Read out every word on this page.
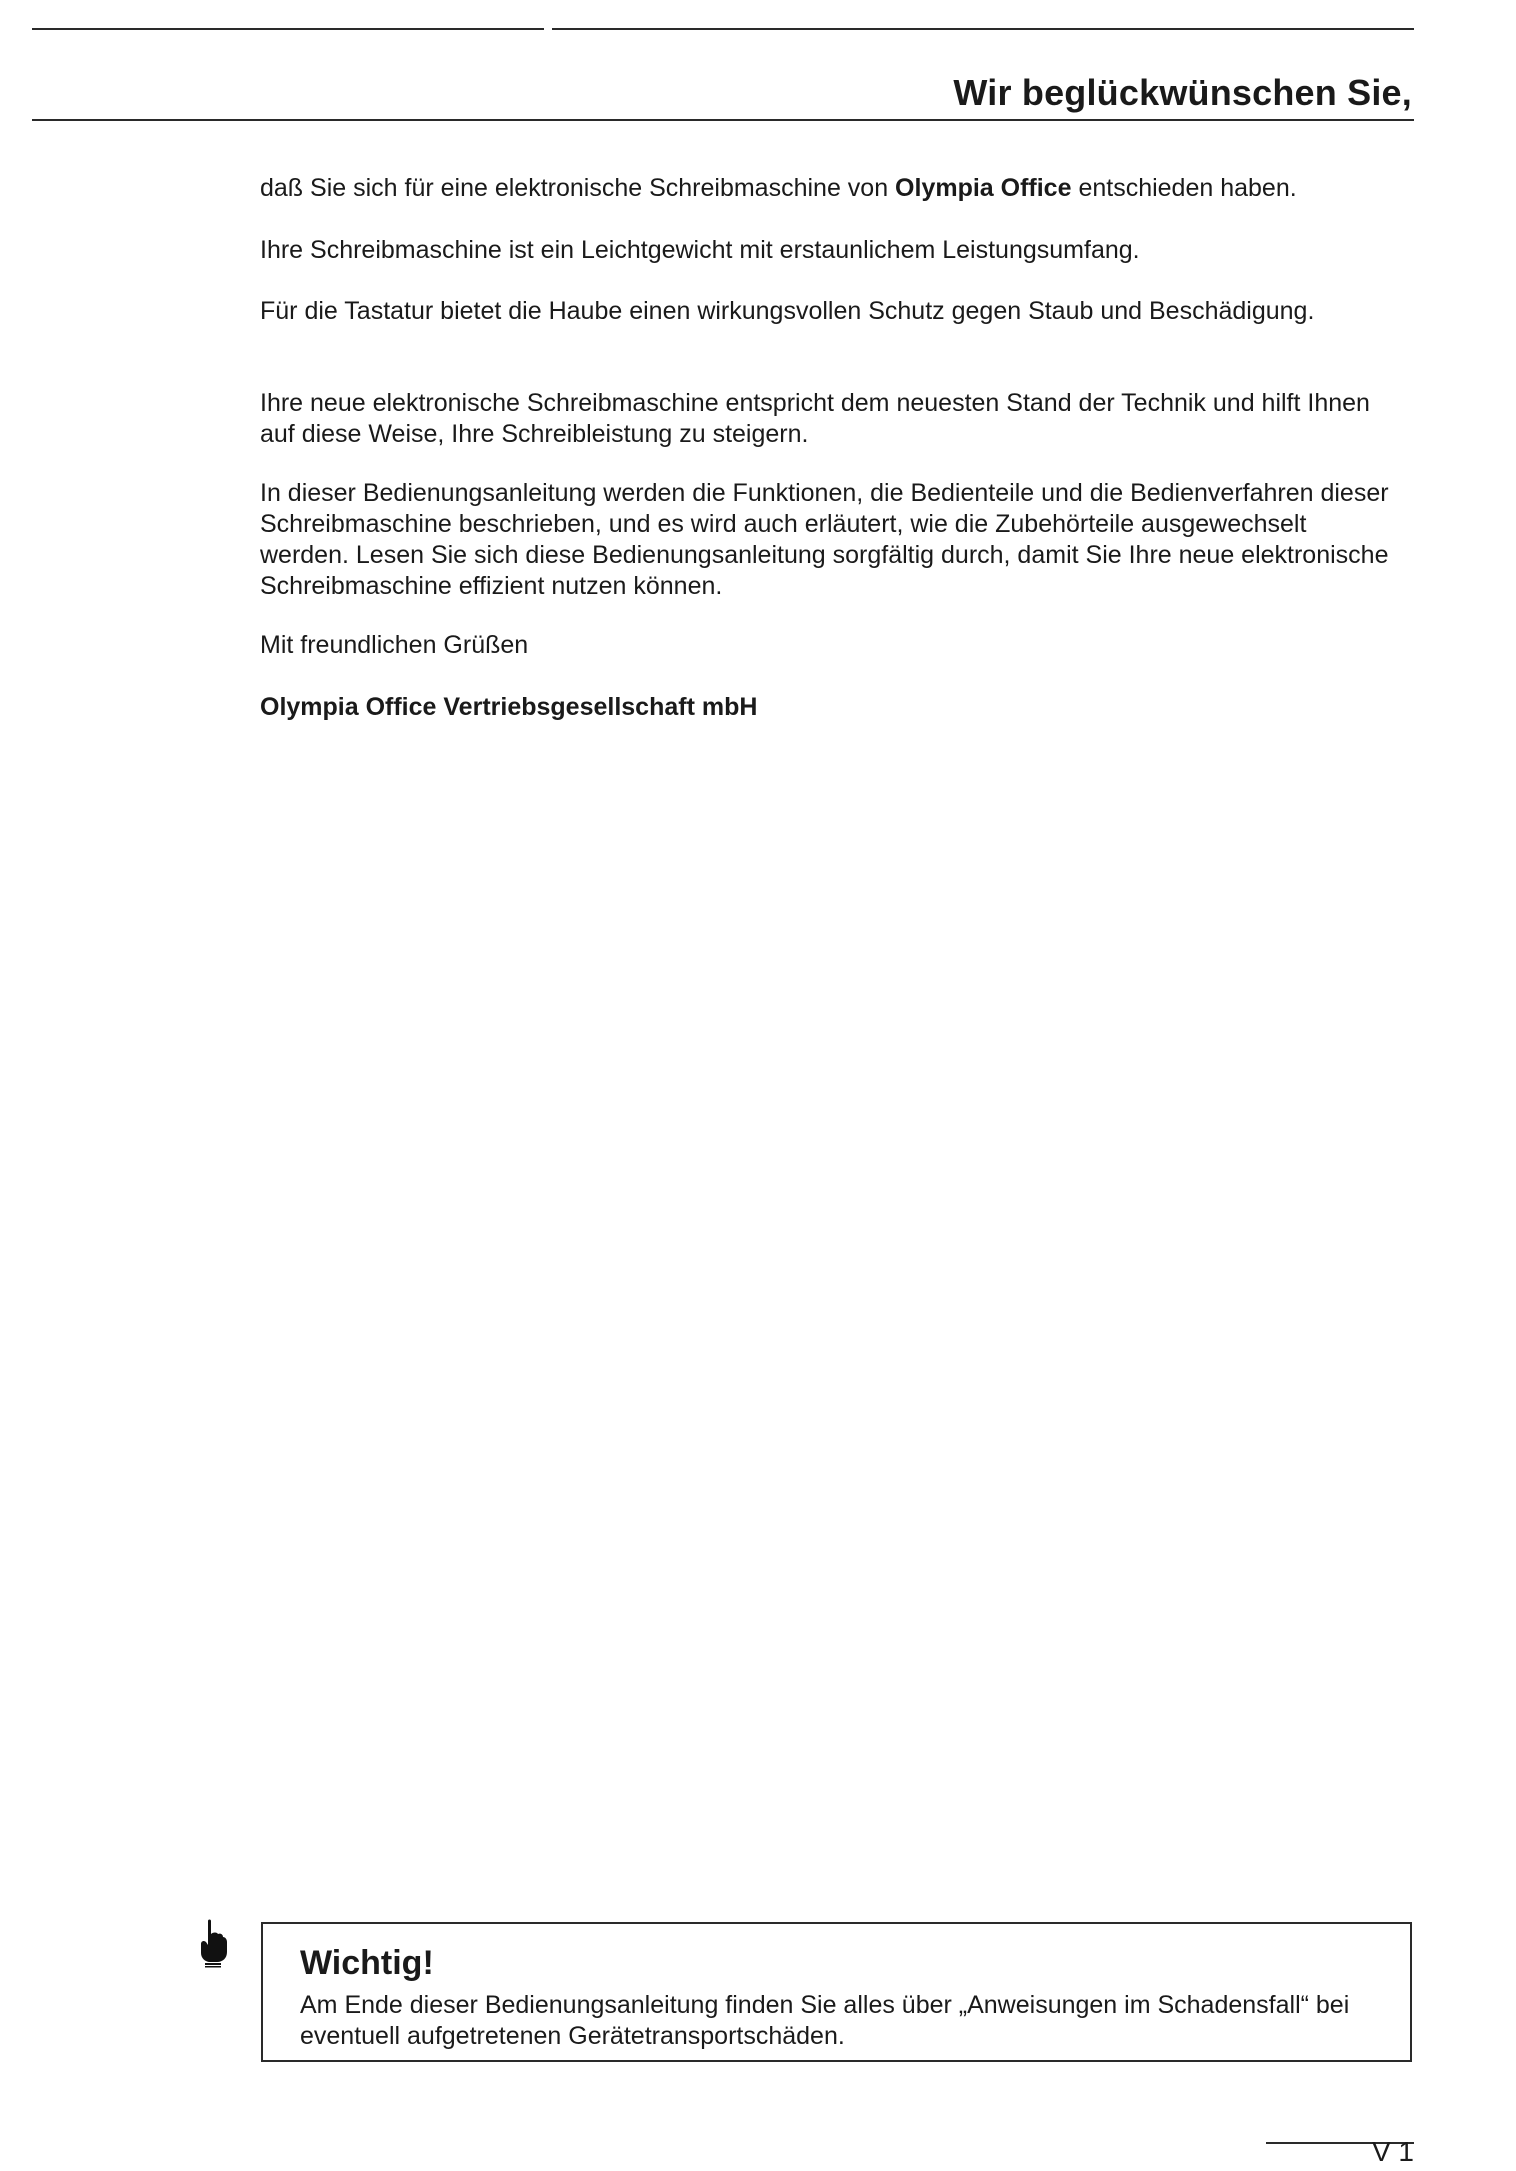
Wir beglückwünschen Sie,

daß Sie sich für eine elektronische Schreibmaschine von Olympia Office entschieden haben.

Ihre Schreibmaschine ist ein Leichtgewicht mit erstaunlichem Leistungsumfang.

Für die Tastatur bietet die Haube einen wirkungsvollen Schutz gegen Staub und Beschädigung.

Ihre neue elektronische Schreibmaschine entspricht dem neuesten Stand der Technik und hilft Ihnen auf diese Weise, Ihre Schreibleistung zu steigern.

In dieser Bedienungsanleitung werden die Funktionen, die Bedienteile und die Bedienverfahren dieser Schreibmaschine beschrieben, und es wird auch erläutert, wie die Zubehörteile ausgewechselt werden. Lesen Sie sich diese Bedienungsanleitung sorgfältig durch, damit Sie Ihre neue elektronische Schreibmaschine effizient nutzen können.

Mit freundlichen Grüßen

Olympia Office Vertriebsgesellschaft mbH

Wichtig!

Am Ende dieser Bedienungsanleitung finden Sie alles über „Anweisungen im Schadensfall“ bei eventuell aufgetretenen Gerätetransportschäden.

V 1
